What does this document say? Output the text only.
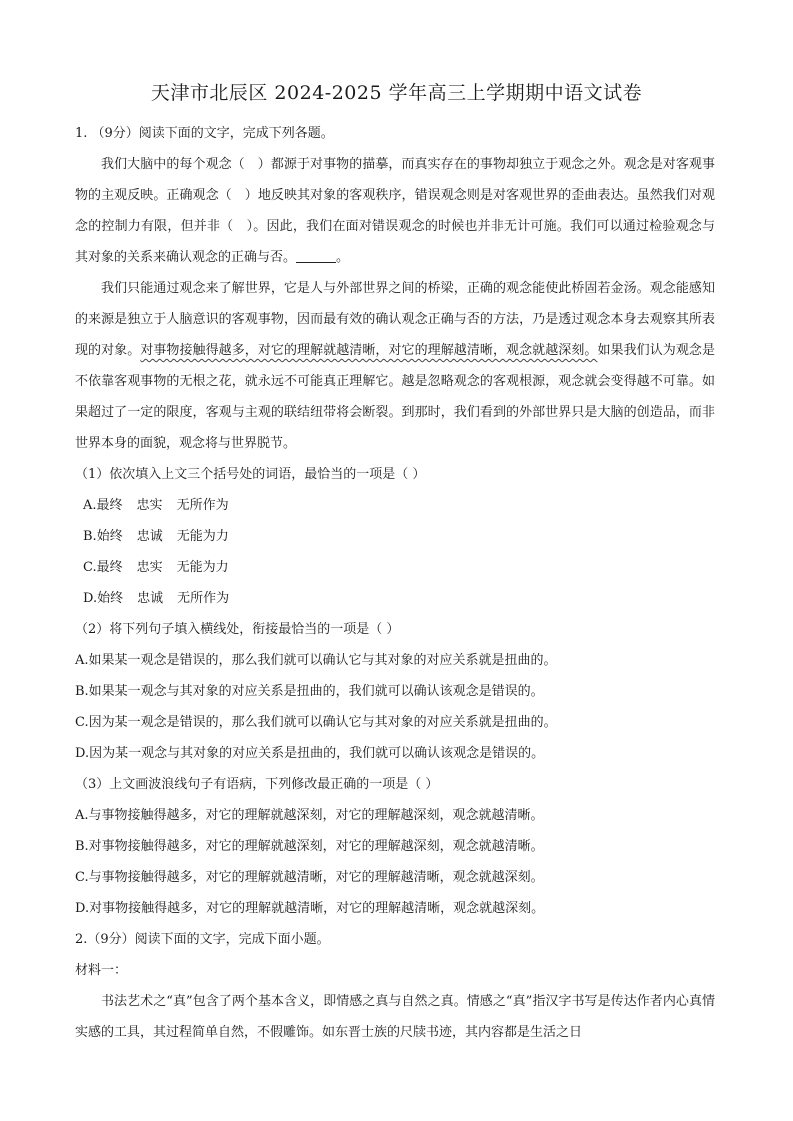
天津市北辰区 2024-2025 学年高三上学期期中语文试卷
1. （9分）阅读下面的文字，完成下列各题。
我们大脑中的每个观念（　）都源于对事物的描摹，而真实存在的事物却独立于观念之外。观念是对客观事物的主观反映。正确观念（　）地反映其对象的客观秩序，错误观念则是对客观世界的歪曲表达。虽然我们对观念的控制力有限，但并非（　）。因此，我们在面对错误观念的时候也并非无计可施。我们可以通过检验观念与其对象的关系来确认观念的正确与否。	。
我们只能通过观念来了解世界，它是人与外部世界之间的桥梁，正确的观念能使此桥固若金汤。观念能感知的来源是独立于人脑意识的客观事物，因而最有效的确认观念正确与否的方法，乃是透过观念本身去观察其所表现的对象。对事物接触得越多，对它的理解就越清晰，对它的理解越清晰，观念就越深刻。如果我们认为观念是不依靠客观事物的无根之花，就永远不可能真正理解它。越是忽略观念的客观根源，观念就会变得越不可靠。如果超过了一定的限度，客观与主观的联结纽带将会断裂。到那时，我们看到的外部世界只是大脑的创造品，而非世界本身的面貌，观念将与世界脱节。
（1）依次填入上文三个括号处的词语，最恰当的一项是（ ）
A.最终 忠实 无所作为
B.始终 忠诚 无能为力
C.最终 忠实 无能为力
D.始终 忠诚 无所作为
（2）将下列句子填入横线处，衔接最恰当的一项是（ ）
A.如果某一观念是错误的，那么我们就可以确认它与其对象的对应关系就是扭曲的。
B.如果某一观念与其对象的对应关系是扭曲的，我们就可以确认该观念是错误的。
C.因为某一观念是错误的，那么我们就可以确认它与其对象的对应关系就是扭曲的。
D.因为某一观念与其对象的对应关系是扭曲的，我们就可以确认该观念是错误的。
（3）上文画波浪线句子有语病，下列修改最正确的一项是（ ）
A.与事物接触得越多，对它的理解就越深刻，对它的理解越深刻，观念就越清晰。
B.对事物接触得越多，对它的理解就越深刻，对它的理解越深刻，观念就越清晰。
C.与事物接触得越多，对它的理解就越清晰，对它的理解越清晰，观念就越深刻。
D.对事物接触得越多，对它的理解就越清晰，对它的理解越清晰，观念就越深刻。
2.（9分）阅读下面的文字，完成下面小题。
材料一：
书法艺术之“真”包含了两个基本含义，即情感之真与自然之真。情感之“真”指汉字书写是传达作者内心真情实感的工具，其过程简单自然，不假雕饰。如东晋士族的尺牍书迹，其内容都是生活之日
